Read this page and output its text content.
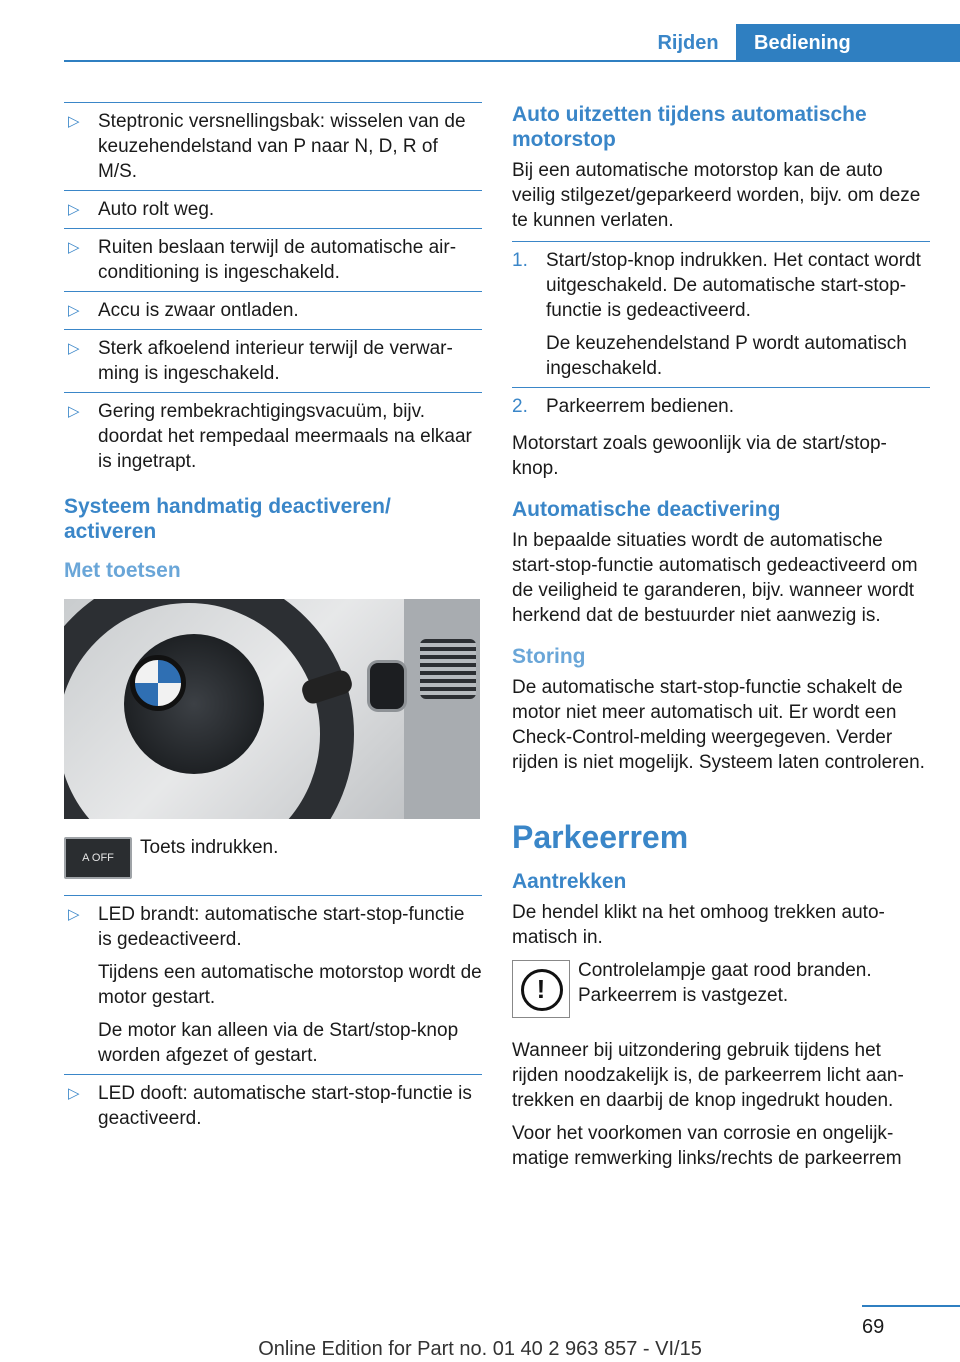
Rijden	Bediening
▷ Steptronic versnellingsbak: wisselen van de keuzehendelstand van P naar N, D, R of M/S.
▷ Auto rolt weg.
▷ Ruiten beslaan terwijl de automatische airconditioning is ingeschakeld.
▷ Accu is zwaar ontladen.
▷ Sterk afkoelend interieur terwijl de verwarming is ingeschakeld.
▷ Gering rembekrachtigingsvacuüm, bijv. doordat het rempedaal meermaals na elkaar is ingetrapt.
Systeem handmatig deactiveren/ activeren
Met toetsen
A OFF	Toets indrukken.
▷ LED brandt: automatische start-stop-functie is gedeactiveerd.
Tijdens een automatische motorstop wordt de motor gestart.
De motor kan alleen via de Start/stop-knop worden afgezet of gestart.
▷ LED dooft: automatische start-stop-functie is geactiveerd.
Auto uitzetten tijdens automatische motorstop

Bij een automatische motorstop kan de auto veilig stilgezet/geparkeerd worden, bijv. om deze te kunnen verlaten.

1. Start/stop-knop indrukken. Het contact wordt uitgeschakeld. De automatische start-stop-functie is gedeactiveerd.
De keuzehendelstand P wordt automatisch ingeschakeld.
2. Parkeerrem bedienen.

Motorstart zoals gewoonlijk via de start/stop-knop.

Automatische deactivering

In bepaalde situaties wordt de automatische start-stop-functie automatisch gedeactiveerd om de veiligheid te garanderen, bijv. wanneer wordt herkend dat de bestuurder niet aanwezig is.

Storing

De automatische start-stop-functie schakelt de motor niet meer automatisch uit. Er wordt een Check-Control-melding weergegeven. Verder rijden is niet mogelijk. Systeem laten controleren.

Parkeerrem
Aantrekken

De hendel klikt na het omhoog trekken automatisch in.

!
Controlelampje gaat rood branden. Parkeerrem is vastgezet.

Wanneer bij uitzondering gebruik tijdens het rijden noodzakelijk is, de parkeerrem licht aantrekken en daarbij de knop ingedrukt houden.

Voor het voorkomen van corrosie en ongelijkmatige remwerking links/rechts de parkeerrem

69
Online Edition for Part no. 01 40 2 963 857 - VI/15
